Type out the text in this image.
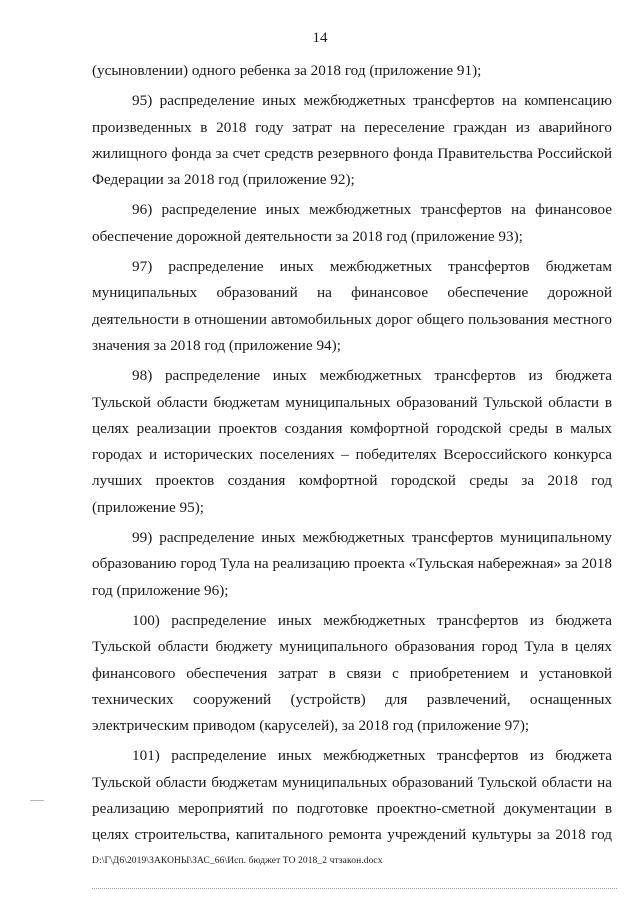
14

(усыновлении) одного ребенка за 2018 год (приложение 91);

95) распределение иных межбюджетных трансфертов на компенсацию произведенных в 2018 году затрат на переселение граждан из аварийного жилищного фонда за счет средств резервного фонда Правительства Российской Федерации за 2018 год (приложение 92);

96) распределение иных межбюджетных трансфертов на финансовое обеспечение дорожной деятельности за 2018 год (приложение 93);

97) распределение иных межбюджетных трансфертов бюджетам муниципальных образований на финансовое обеспечение дорожной деятельности в отношении автомобильных дорог общего пользования местного значения за 2018 год (приложение 94);

98) распределение иных межбюджетных трансфертов из бюджета Тульской области бюджетам муниципальных образований Тульской области в целях реализации проектов создания комфортной городской среды в малых городах и исторических поселениях – победителях Всероссийского конкурса лучших проектов создания комфортной городской среды за 2018 год (приложение 95);

99) распределение иных межбюджетных трансфертов муниципальному образованию город Тула на реализацию проекта «Тульская набережная» за 2018 год (приложение 96);

100) распределение иных межбюджетных трансфертов из бюджета Тульской области бюджету муниципального образования город Тула в целях финансового обеспечения затрат в связи с приобретением и установкой технических сооружений (устройств) для развлечений, оснащенных электрическим приводом (каруселей), за 2018 год (приложение 97);

101) распределение иных межбюджетных трансфертов из бюджета Тульской области бюджетам муниципальных образований Тульской области на реализацию мероприятий по подготовке проектно-сметной документации в целях строительства, капитального ремонта учреждений культуры за 2018 год

D:\Г\Д6\2019\ЗАКОНЫ\ЗАС_66\Исп. бюджет ТО 2018_2 чтзакон.docx
